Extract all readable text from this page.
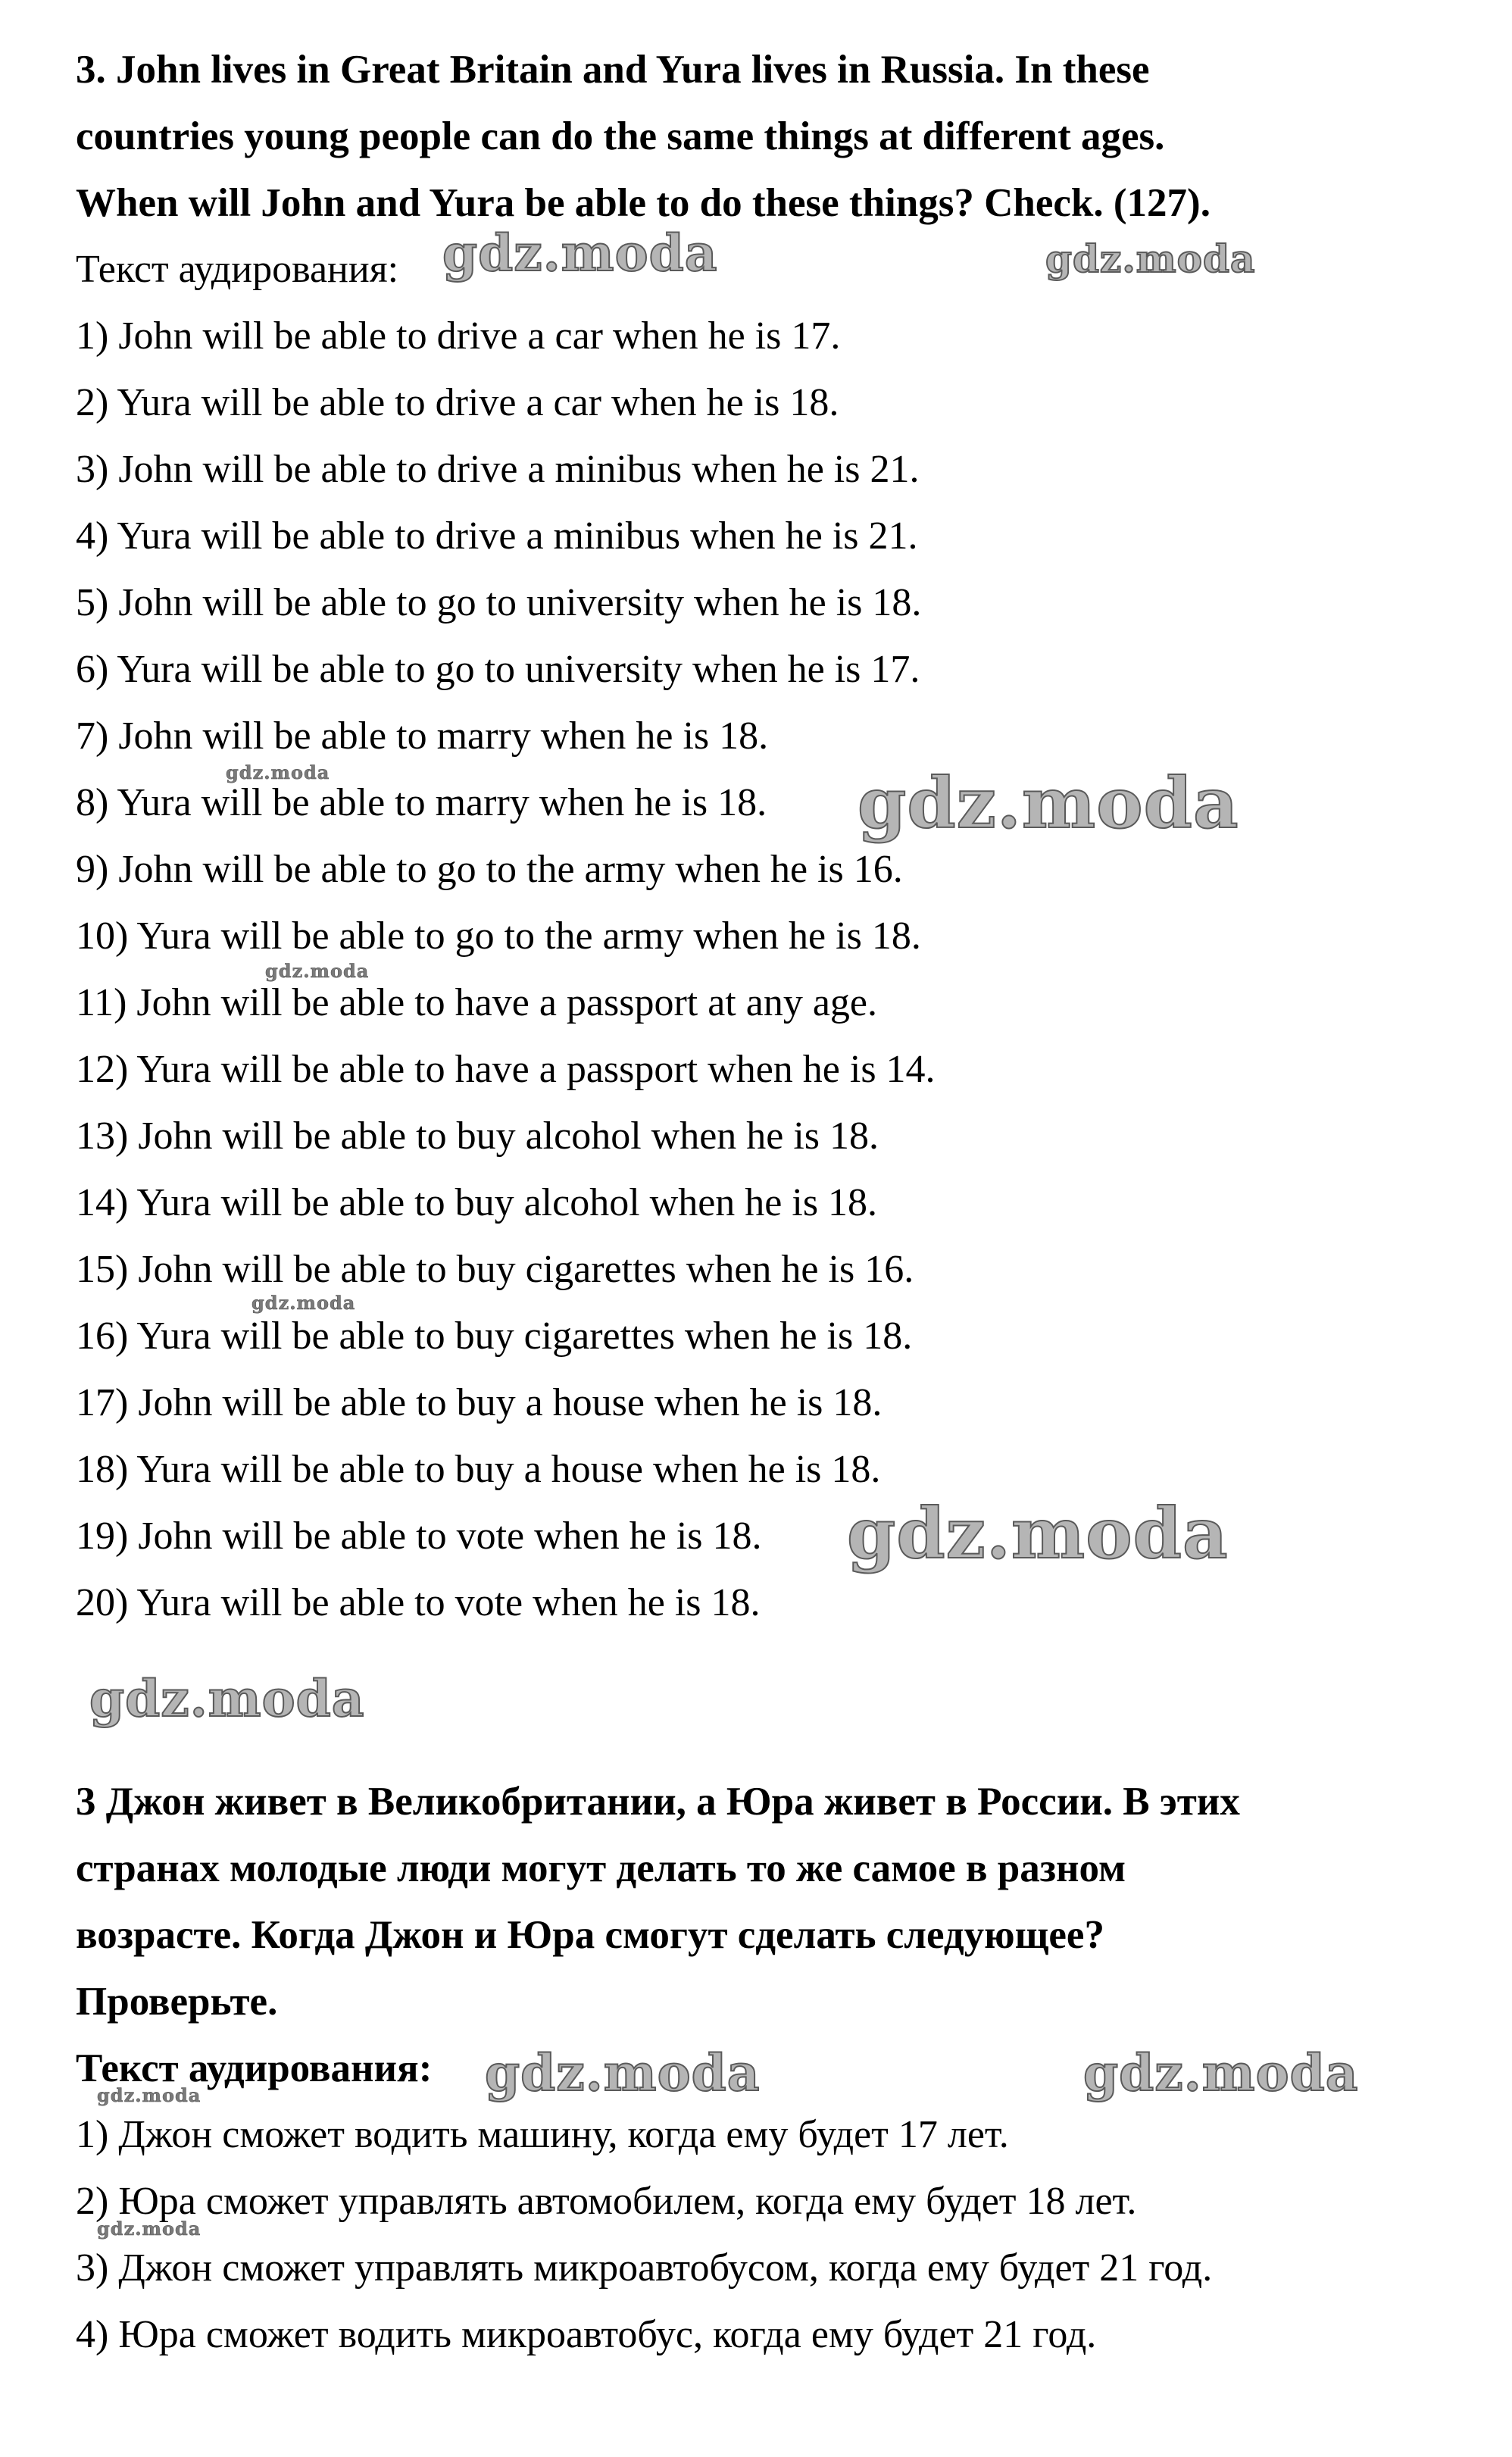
3. John lives in Great Britain and Yura lives in Russia. In these
countries young people can do the same things at different ages.
When will John and Yura be able to do these things? Check. (127).
Текст аудирования:
1) John will be able to drive a car when he is 17.
2) Yura will be able to drive a car when he is 18.
3) John will be able to drive a minibus when he is 21.
4) Yura will be able to drive a minibus when he is 21.
5) John will be able to go to university when he is 18.
6) Yura will be able to go to university when he is 17.
7) John will be able to marry when he is 18.
8) Yura will be able to marry when he is 18.
9) John will be able to go to the army when he is 16.
10) Yura will be able to go to the army when he is 18.
11) John will be able to have a passport at any age.
12) Yura will be able to have a passport when he is 14.
13) John will be able to buy alcohol when he is 18.
14) Yura will be able to buy alcohol when he is 18.
15) John will be able to buy cigarettes when he is 16.
16) Yura will be able to buy cigarettes when he is 18.
17) John will be able to buy a house when he is 18.
18) Yura will be able to buy a house when he is 18.
19) John will be able to vote when he is 18.
20) Yura will be able to vote when he is 18.
3 Джон живет в Великобритании, а Юра живет в России. В этих
странах молодые люди могут делать то же самое в разном
возрасте. Когда Джон и Юра смогут сделать следующее?
Проверьте.
Текст аудирования:
1) Джон сможет водить машину, когда ему будет 17 лет.
2) Юра сможет управлять автомобилем, когда ему будет 18 лет.
3) Джон сможет управлять микроавтобусом, когда ему будет 21 год.
4) Юра сможет водить микроавтобус, когда ему будет 21 год.
gdz.moda	gdz.moda
gdz.moda	gdz.moda
gdz.moda
gdz.moda
gdz.moda
gdz.moda
gdz.moda	gdz.moda
gdz.moda
gdz.moda
